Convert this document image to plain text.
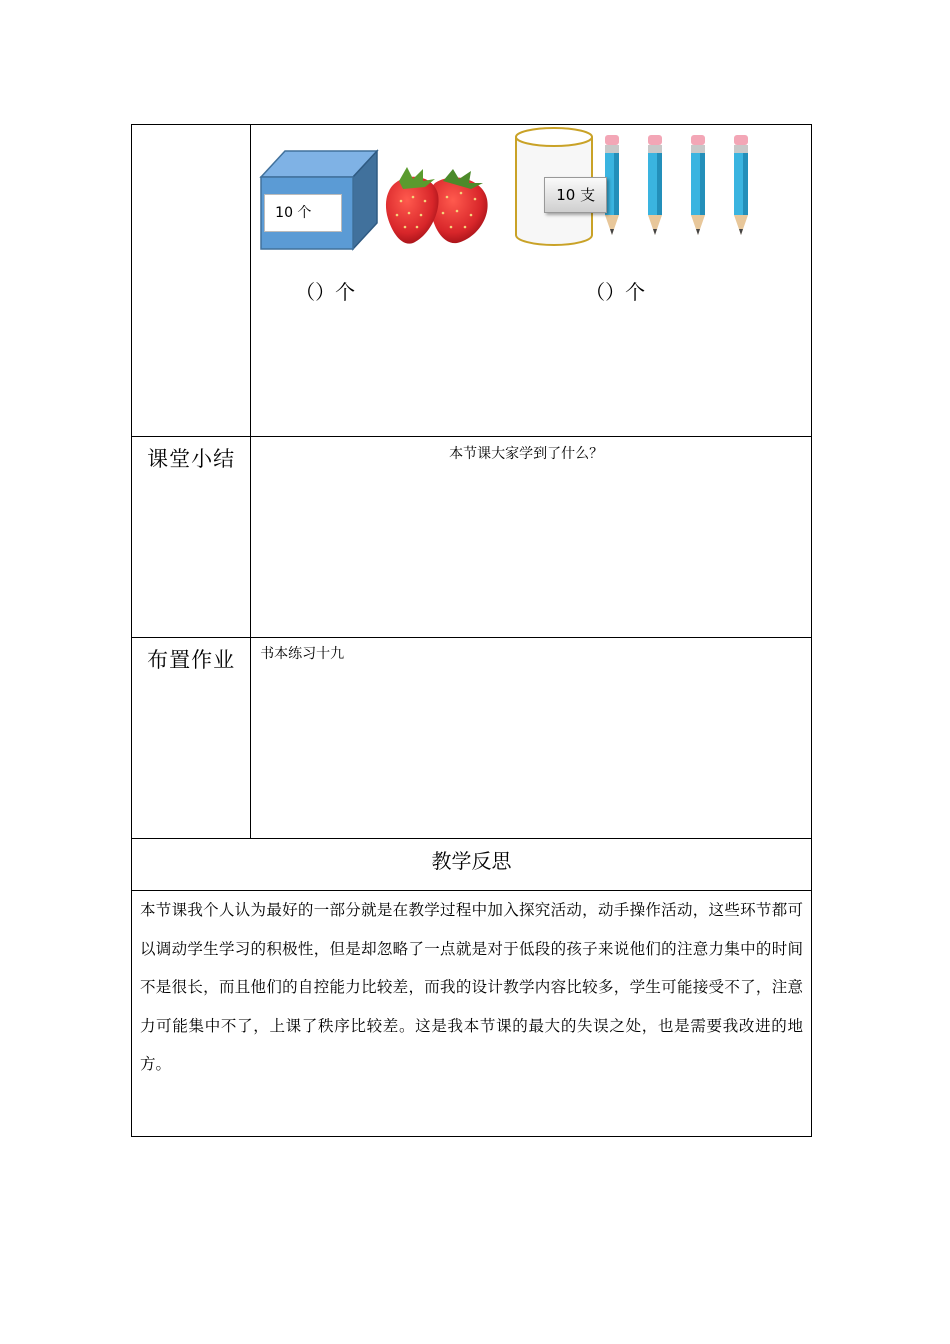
	10 个
10 支
（）个 （）个

课堂小结	本节课大家学到了什么？

布置作业	书本练习十九

教学反思	

本节课我个人认为最好的一部分就是在教学过程中加入探究活动，动手操作活动，这些环节都可以调动学生学习的积极性，但是却忽略了一点就是对于低段的孩子来说他们的注意力集中的时间不是很长，而且他们的自控能力比较差，而我的设计教学内容比较多，学生可能接受不了，注意力可能集中不了，上课了秩序比较差。这是我本节课的最大的失误之处，也是需要我改进的地方。	
